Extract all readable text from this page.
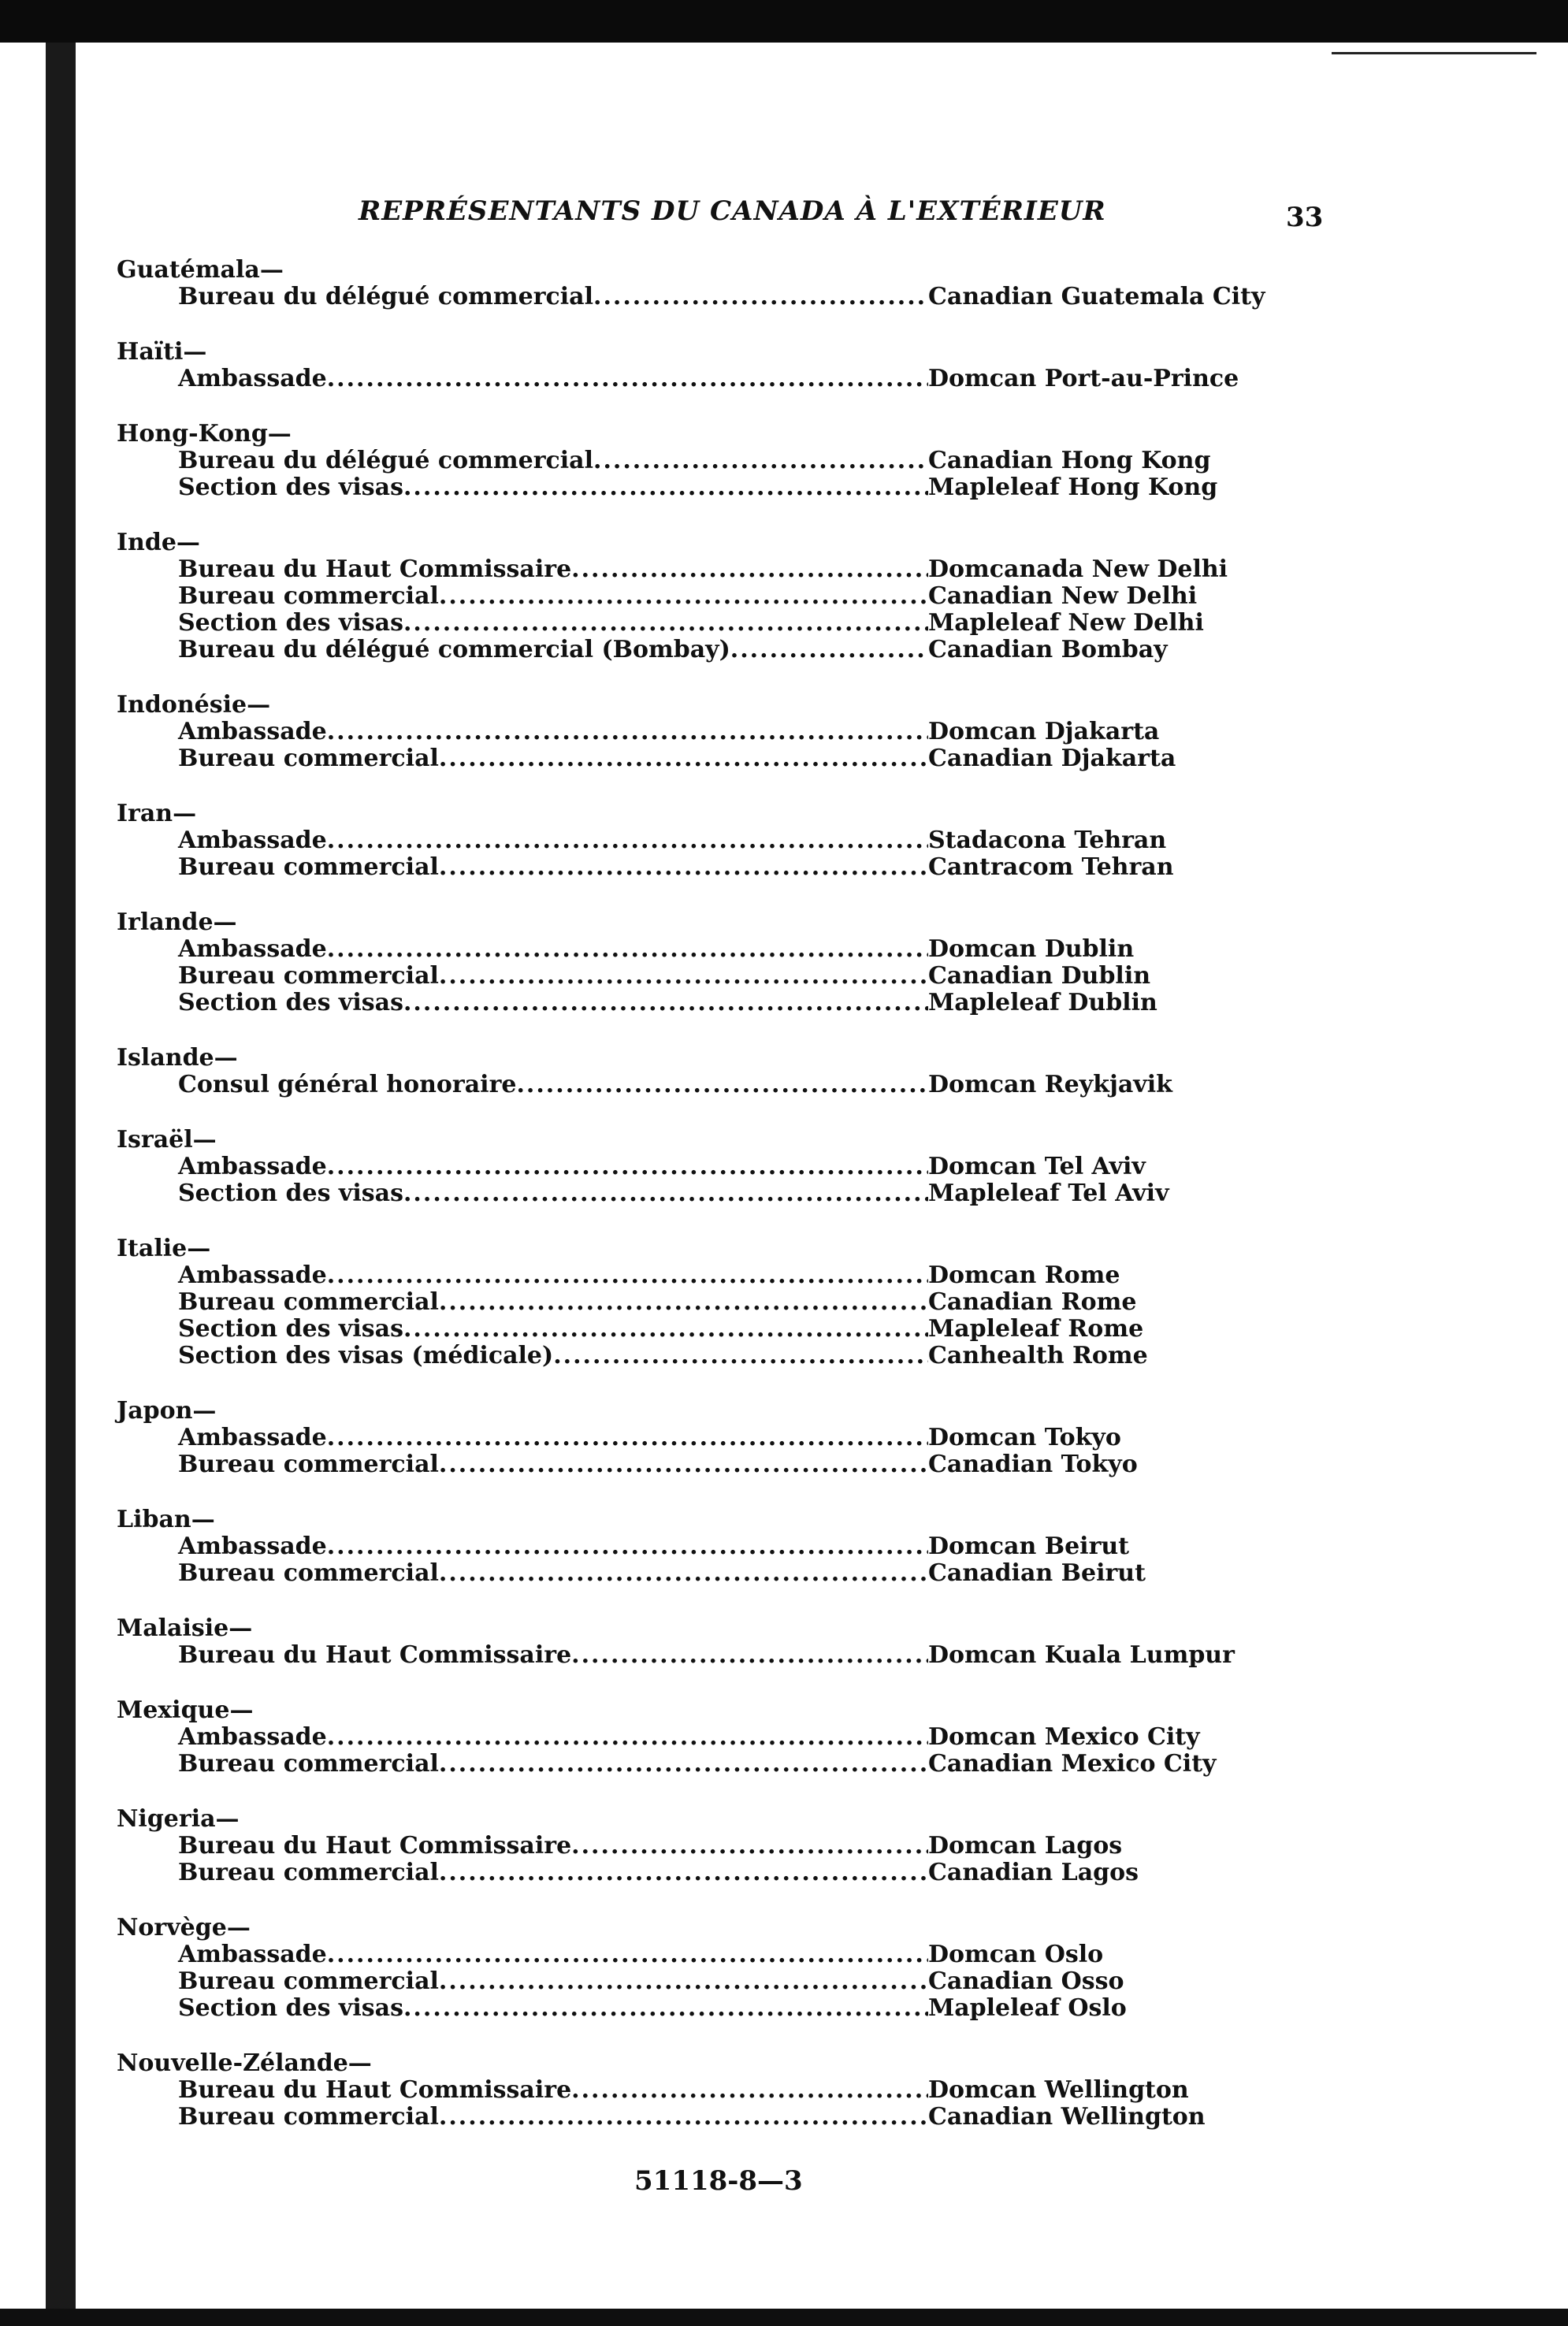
REPRÉSENTANTS DU CANADA À L'EXTÉRIEUR	33
Guatémala—
Bureau du délégué commercial .....	Canadian Guatemala City
Haïti—
Ambassade .....	Domcan Port-au-Prince
Hong-Kong—
Bureau du délégué commercial .....	Canadian Hong Kong
Section des visas .....	Mapleleaf Hong Kong
Inde—
Bureau du Haut Commissaire .....	Domcanada New Delhi
Bureau commercial .....	Canadian New Delhi
Section des visas .....	Mapleleaf New Delhi
Bureau du délégué commercial (Bombay) .....	Canadian Bombay
Indonésie—
Ambassade .....	Domcan Djakarta
Bureau commercial .....	Canadian Djakarta
Iran—
Ambassade .....	Stadacona Tehran
Bureau commercial .....	Cantracom Tehran
Irlande—
Ambassade .....	Domcan Dublin
Bureau commercial .....	Canadian Dublin
Section des visas .....	Mapleleaf Dublin
Islande—
Consul général honoraire .....	Domcan Reykjavik
Israël—
Ambassade .....	Domcan Tel Aviv
Section des visas .....	Mapleleaf Tel Aviv
Italie—
Ambassade .....	Domcan Rome
Bureau commercial .....	Canadian Rome
Section des visas .....	Mapleleaf Rome
Section des visas (médicale) .....	Canhealth Rome
Japon—
Ambassade .....	Domcan Tokyo
Bureau commercial .....	Canadian Tokyo
Liban—
Ambassade .....	Domcan Beirut
Bureau commercial .....	Canadian Beirut
Malaisie—
Bureau du Haut Commissaire .....	Domcan Kuala Lumpur
Mexique—
Ambassade .....	Domcan Mexico City
Bureau commercial .....	Canadian Mexico City
Nigeria—
Bureau du Haut Commissaire .....	Domcan Lagos
Bureau commercial .....	Canadian Lagos
Norvège—
Ambassade .....	Domcan Oslo
Bureau commercial .....	Canadian Osso
Section des visas .....	Mapleleaf Oslo
Nouvelle-Zélande—
Bureau du Haut Commissaire .....	Domcan Wellington
Bureau commercial .....	Canadian Wellington
51118-8—3
